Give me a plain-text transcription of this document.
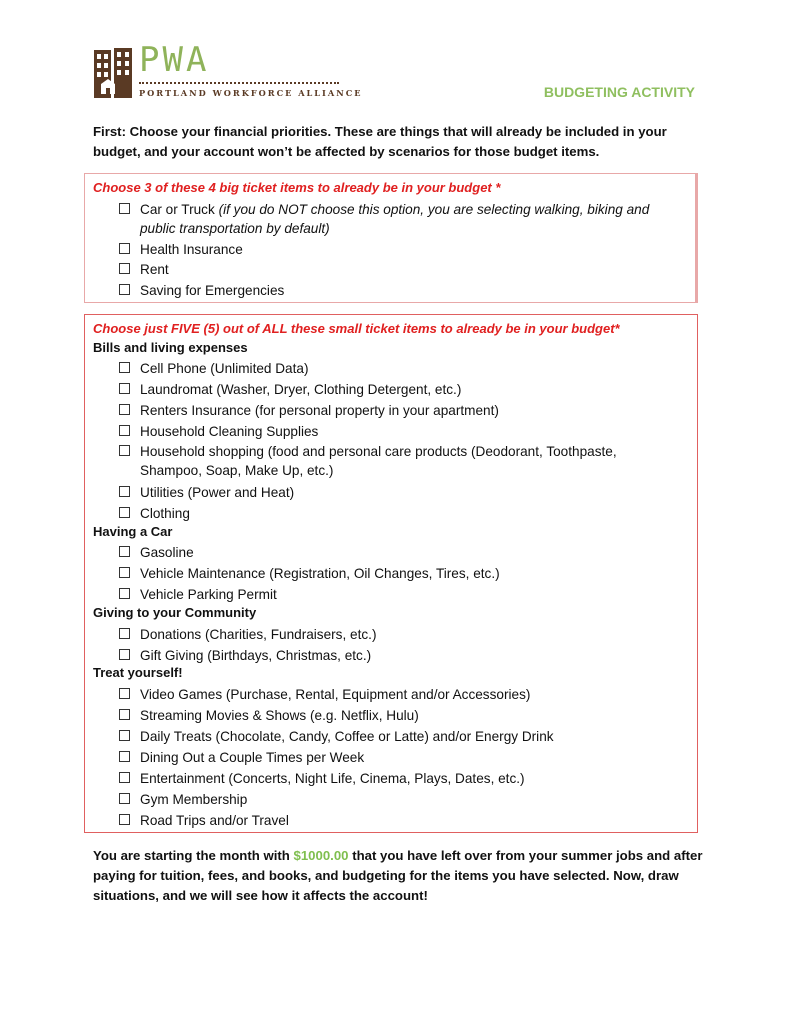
PWA
PORTLAND WORKFORCE ALLIANCE	BUDGETING ACTIVITY
First: Choose your financial priorities. These are things that will already be included in your budget, and your account won’t be affected by scenarios for those budget items.
Choose 3 of these 4 big ticket items to already be in your budget *
Car or Truck (if you do NOT choose this option, you are selecting walking, biking and public transportation by default)
Health Insurance
Rent
Saving for Emergencies
Choose just FIVE (5) out of ALL these small ticket items to already be in your budget*
Bills and living expenses
Cell Phone (Unlimited Data)
Laundromat (Washer, Dryer, Clothing Detergent, etc.)
Renters Insurance (for personal property in your apartment)
Household Cleaning Supplies
Household shopping (food and personal care products (Deodorant, Toothpaste, Shampoo, Soap, Make Up, etc.)
Utilities (Power and Heat)
Clothing
Having a Car
Gasoline
Vehicle Maintenance (Registration, Oil Changes, Tires, etc.)
Vehicle Parking Permit
Giving to your Community
Donations (Charities, Fundraisers, etc.)
Gift Giving (Birthdays, Christmas, etc.)
Treat yourself!
Video Games (Purchase, Rental, Equipment and/or Accessories)
Streaming Movies & Shows (e.g. Netflix, Hulu)
Daily Treats (Chocolate, Candy, Coffee or Latte) and/or Energy Drink
Dining Out a Couple Times per Week
Entertainment (Concerts, Night Life, Cinema, Plays, Dates, etc.)
Gym Membership
Road Trips and/or Travel
You are starting the month with $1000.00 that you have left over from your summer jobs and after paying for tuition, fees, and books, and budgeting for the items you have selected. Now, draw situations, and we will see how it affects the account!
